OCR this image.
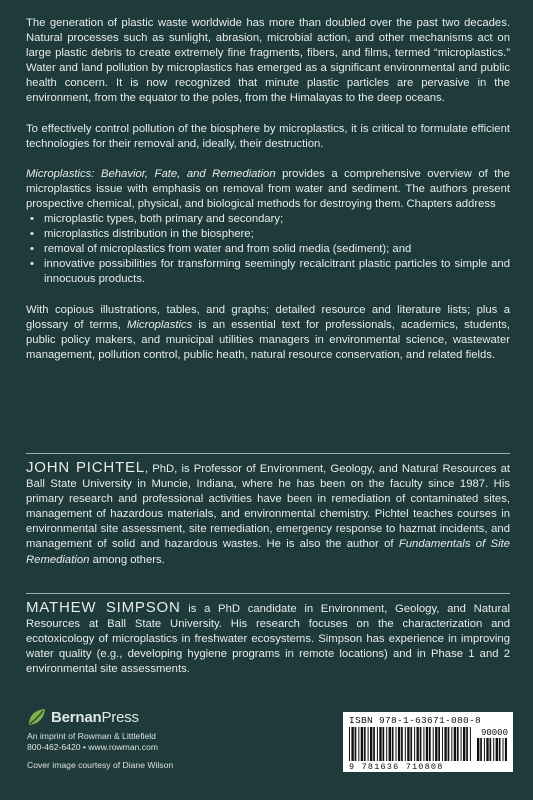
The generation of plastic waste worldwide has more than doubled over the past two decades. Natural processes such as sunlight, abrasion, microbial action, and other mechanisms act on large plastic debris to create extremely fine fragments, fibers, and films, termed “microplastics.” Water and land pollution by microplastics has emerged as a significant environmental and public health concern. It is now recognized that minute plastic particles are pervasive in the environment, from the equator to the poles, from the Himalayas to the deep oceans.

To effectively control pollution of the biosphere by microplastics, it is critical to formulate efficient technologies for their removal and, ideally, their destruction.

Microplastics: Behavior, Fate, and Remediation provides a comprehensive overview of the microplastics issue with emphasis on removal from water and sediment. The authors present prospective chemical, physical, and biological methods for destroying them. Chapters address

• microplastic types, both primary and secondary;
• microplastics distribution in the biosphere;
• removal of microplastics from water and from solid media (sediment); and
• innovative possibilities for transforming seemingly recalcitrant plastic particles to simple and innocuous products.

With copious illustrations, tables, and graphs; detailed resource and literature lists; plus a glossary of terms, Microplastics is an essential text for professionals, academics, students, public policy makers, and municipal utilities managers in environmental science, wastewater management, pollution control, public heath, natural resource conservation, and related fields.

JOHN PICHTEL, PhD, is Professor of Environment, Geology, and Natural Resources at Ball State University in Muncie, Indiana, where he has been on the faculty since 1987. His primary research and professional activities have been in remediation of contaminated sites, management of hazardous materials, and environmental chemistry. Pichtel teaches courses in environmental site assessment, site remediation, emergency response to hazmat incidents, and management of solid and hazardous wastes. He is also the author of Fundamentals of Site Remediation among others.
MATHEW SIMPSON is a PhD candidate in Environment, Geology, and Natural Resources at Ball State University. His research focuses on the characterization and ecotoxicology of microplastics in freshwater ecosystems. Simpson has experience in improving water quality (e.g., developing hygiene programs in remote locations) and in Phase 1 and 2 environmental site assessments.
BernanPress
An imprint of Rowman & Littlefield
800-462-6420 • www.rowman.com
Cover image courtesy of Diane Wilson
ISBN 978-1-63671-080-8
90000
9 781636 710808
